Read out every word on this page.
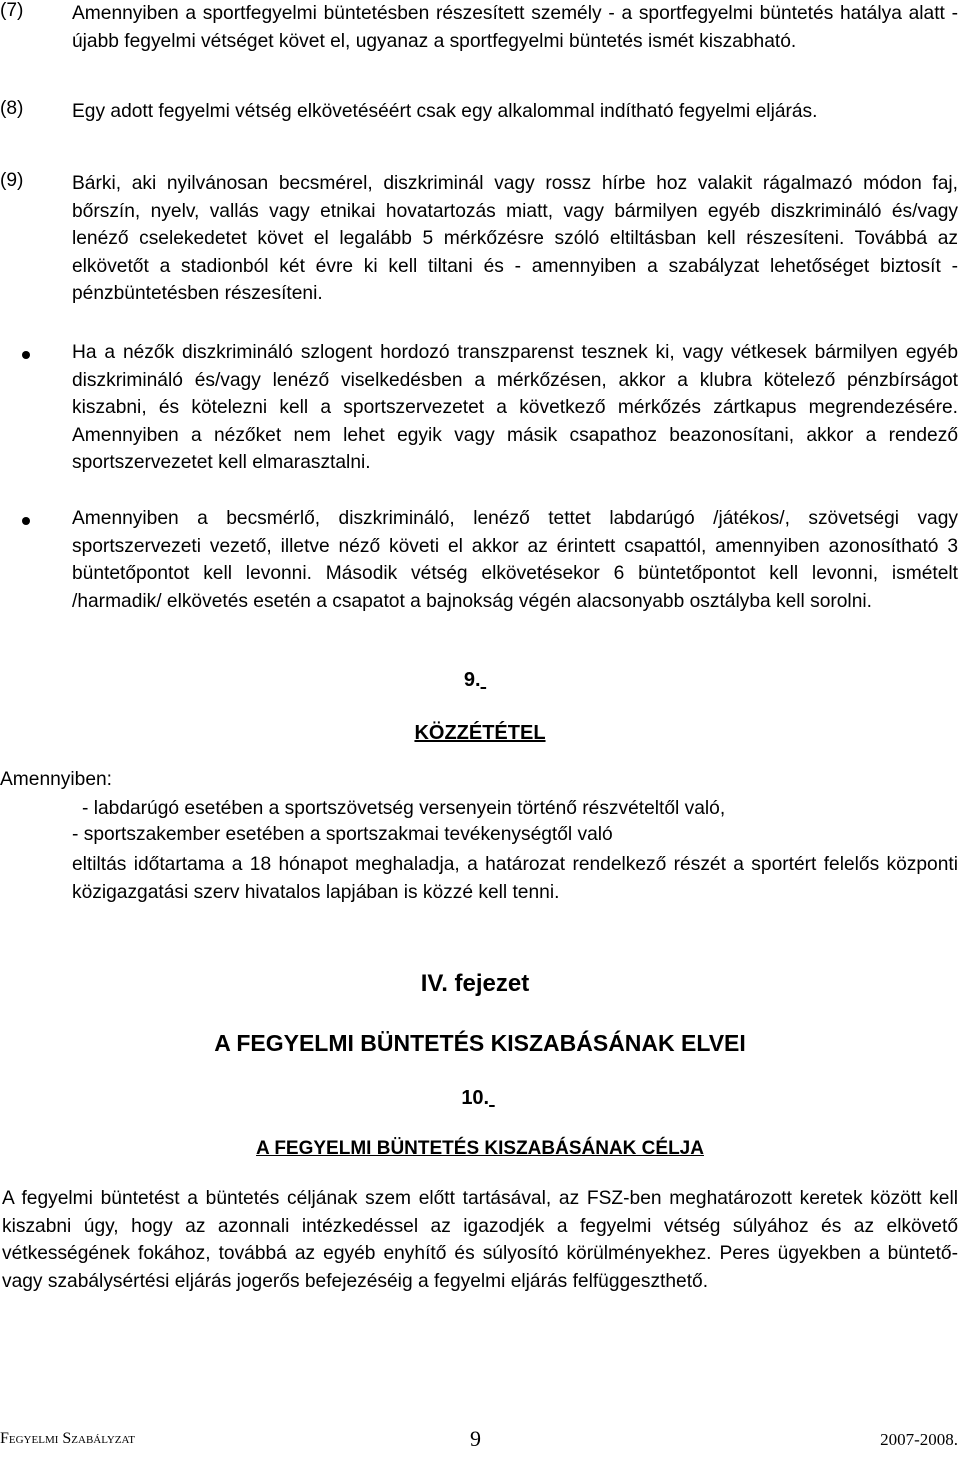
(7)	Amennyiben a sportfegyelmi büntetésben részesített személy - a sportfegyelmi büntetés hatálya alatt - újabb fegyelmi vétséget követ el, ugyanaz a sportfegyelmi büntetés ismét kiszabható.

(8)	Egy adott fegyelmi vétség elkövetéséért csak egy alkalommal indítható fegyelmi eljárás.

(9)	Bárki, aki nyilvánosan becsmérel, diszkriminál vagy rossz hírbe hoz valakit rágalmazó módon faj, bőrszín, nyelv, vallás vagy etnikai hovatartozás miatt, vagy bármilyen egyéb diszkrimináló és/vagy lenéző cselekedetet követ el legalább 5 mérkőzésre szóló eltiltásban kell részesíteni. Továbbá az elkövetőt a stadionból két évre ki kell tiltani és - amennyiben a szabályzat lehetőséget biztosít - pénzbüntetésben részesíteni.

Ha a nézők diszkrimináló szlogent hordozó transzparenst tesznek ki, vagy vétkesek bármilyen egyéb diszkrimináló és/vagy lenéző viselkedésben a mérkőzésen, akkor a klubra kötelező pénzbírságot kiszabni, és kötelezni kell a sportszervezetet a következő mérkőzés zártkapus megrendezésére. Amennyiben a nézőket nem lehet egyik vagy másik csapathoz beazonosítani, akkor a rendező sportszervezetet kell elmarasztalni.

Amennyiben a becsmérlő, diszkrimináló, lenéző tettet labdarúgó /játékos/, szövetségi vagy sportszervezeti vezető, illetve néző követi el akkor az érintett csapattól, amennyiben azonosítható 3 büntetőpontot kell levonni. Második vétség elkövetésekor 6 büntetőpontot kell levonni, ismételt /harmadik/ elkövetés esetén a csapatot a bajnokság végén alacsonyabb osztályba kell sorolni.

9.

KÖZZÉTÉTEL

Amennyiben:

- labdarúgó esetében a sportszövetség versenyein történő részvételtől való,

- sportszakember esetében a sportszakmai tevékenységtől való

eltiltás időtartama a 18 hónapot meghaladja, a határozat rendelkező részét a sportért felelős központi közigazgatási szerv hivatalos lapjában is közzé kell tenni.

IV. fejezet

A FEGYELMI BÜNTETÉS KISZABÁSÁNAK ELVEI

10.

A FEGYELMI BÜNTETÉS KISZABÁSÁNAK CÉLJA

A fegyelmi büntetést a büntetés céljának szem előtt tartásával, az FSZ-ben meghatározott keretek között kell kiszabni úgy, hogy az azonnali intézkedéssel az igazodjék a fegyelmi vétség súlyához és az elkövető vétkességének fokához, továbbá az egyéb enyhítő és súlyosító körülményekhez. Peres ügyekben a büntető-vagy szabálysértési eljárás jogerős befejezéséig a fegyelmi eljárás felfüggeszthető.

Fegyelmi Szabályzat	9	2007-2008.
